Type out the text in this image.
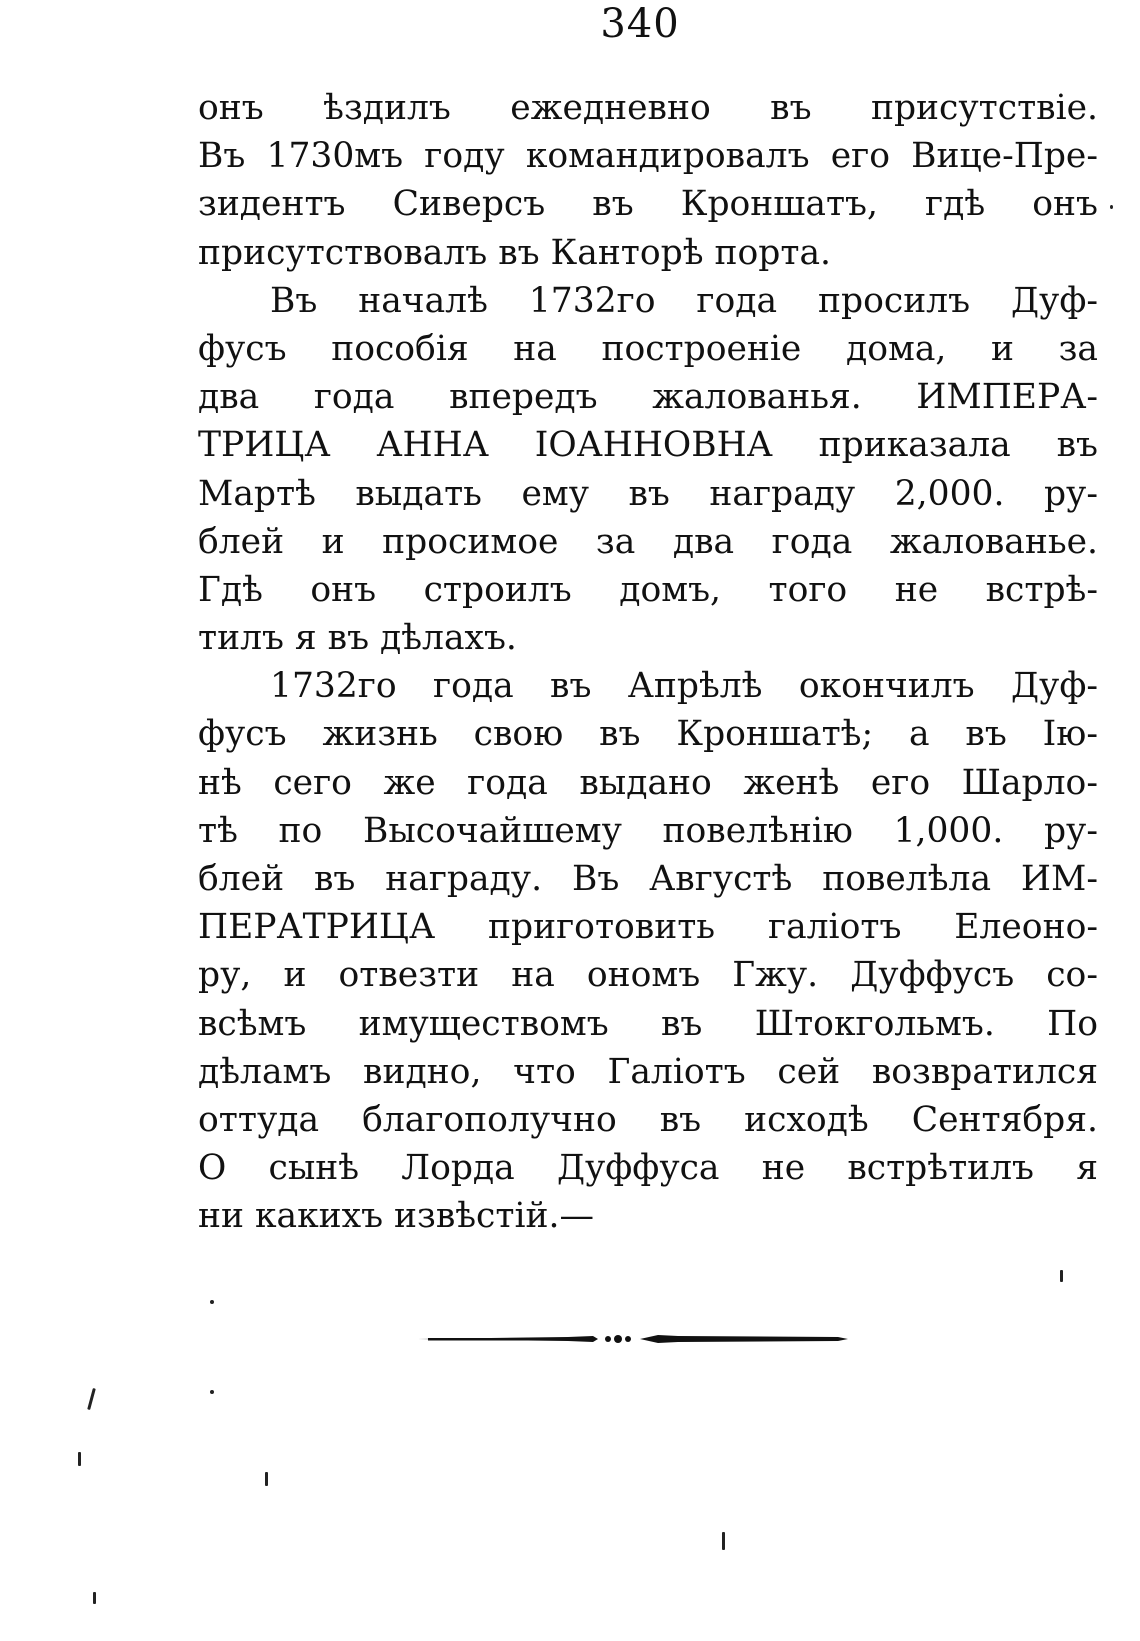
340
онъ ѣздилъ ежедневно въ присутствіе.
Въ 1730мъ году командировалъ его Вице-Пре-
зидентъ Сиверсъ въ Кроншатъ, гдѣ онъ
присутствовалъ въ Канторѣ порта.
Въ началѣ 1732го года просилъ Дуф-
фусъ пособія на построеніе дома, и за
два года впередъ жалованья. ИМПЕРА-
ТРИЦА АННА ІОАННОВНА приказала въ
Мартѣ выдать ему въ награду 2,000. ру-
блей и просимое за два года жалованье.
Гдѣ онъ строилъ домъ, того не встрѣ-
тилъ я въ дѣлахъ.
1732го года въ Апрѣлѣ окончилъ Дуф-
фусъ жизнь свою въ Кроншатѣ; а въ Ію-
нѣ сего же года выдано женѣ его Шарло-
тѣ по Высочайшему повелѣнію 1,000. ру-
блей въ награду. Въ Августѣ повелѣла ИМ-
ПЕРАТРИЦА приготовить галіотъ Елеоно-
ру, и отвезти на ономъ Гжу. Дуффусъ со-
всѣмъ имуществомъ въ Штокгольмъ. По
дѣламъ видно, что Галіотъ сей возвратился
оттуда благополучно въ исходѣ Сентября.
О сынѣ Лорда Дуффуса не встрѣтилъ я
ни какихъ извѣстій.—
